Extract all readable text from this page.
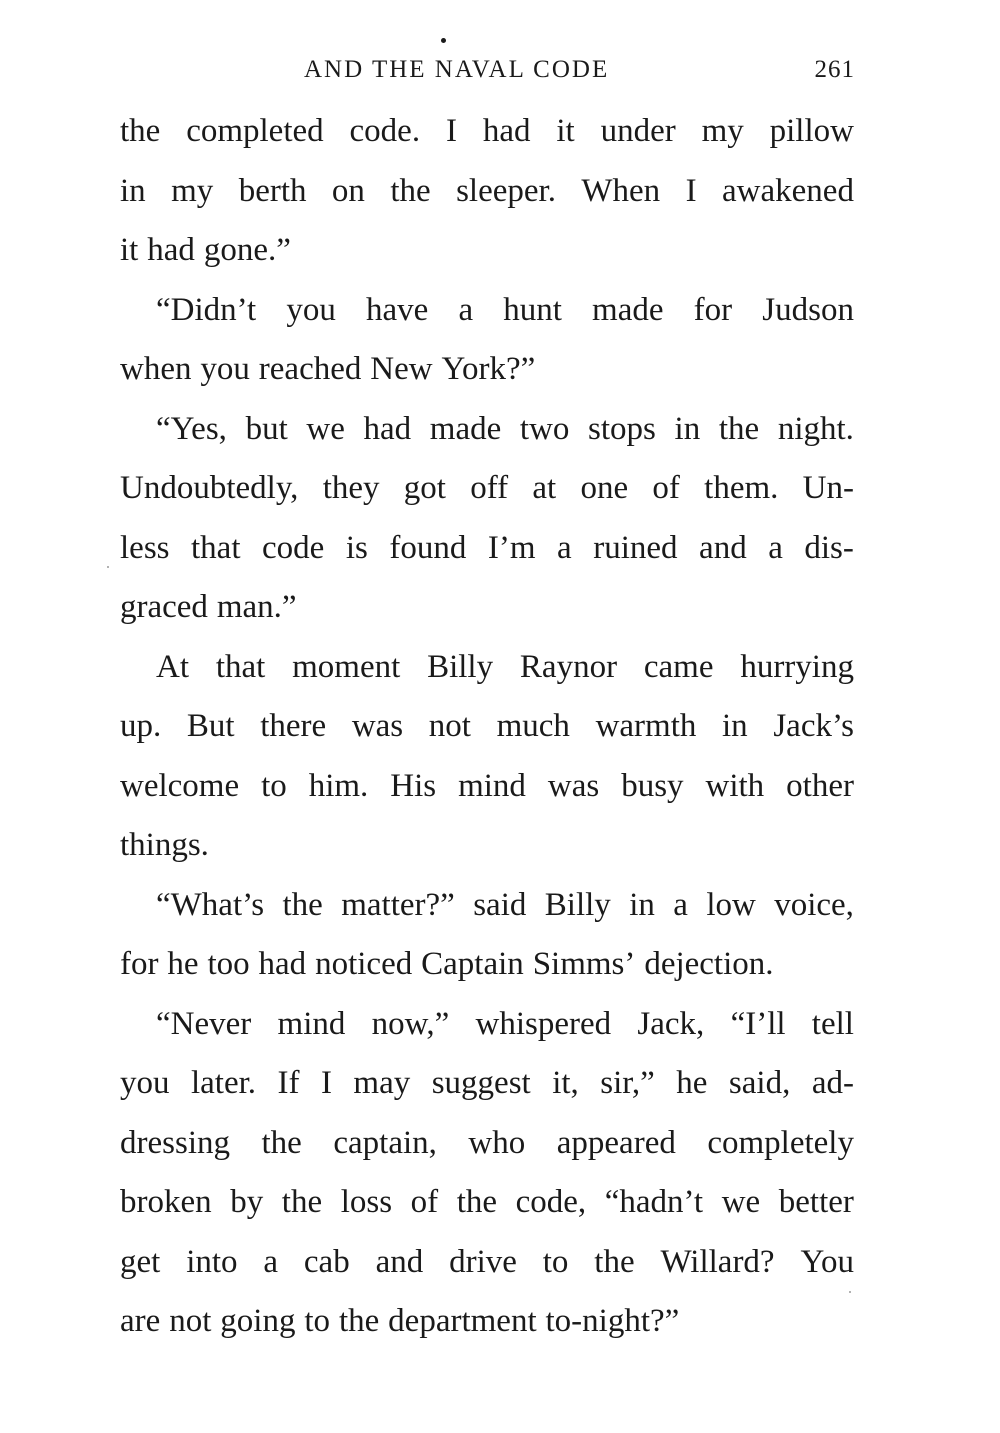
AND THE NAVAL CODE	261
the completed code. I had it under my pillow
in my berth on the sleeper. When I awakened
it had gone.”
“Didn’t you have a hunt made for Judson
when you reached New York?”
“Yes, but we had made two stops in the night.
Undoubtedly, they got off at one of them. Un-
less that code is found I’m a ruined and a dis-
graced man.”
At that moment Billy Raynor came hurrying
up. But there was not much warmth in Jack’s
welcome to him. His mind was busy with other
things.
“What’s the matter?” said Billy in a low voice,
for he too had noticed Captain Simms’ dejection.
“Never mind now,” whispered Jack, “I’ll tell
you later. If I may suggest it, sir,” he said, ad-
dressing the captain, who appeared completely
broken by the loss of the code, “hadn’t we better
get into a cab and drive to the Willard? You
are not going to the department to-night?”
